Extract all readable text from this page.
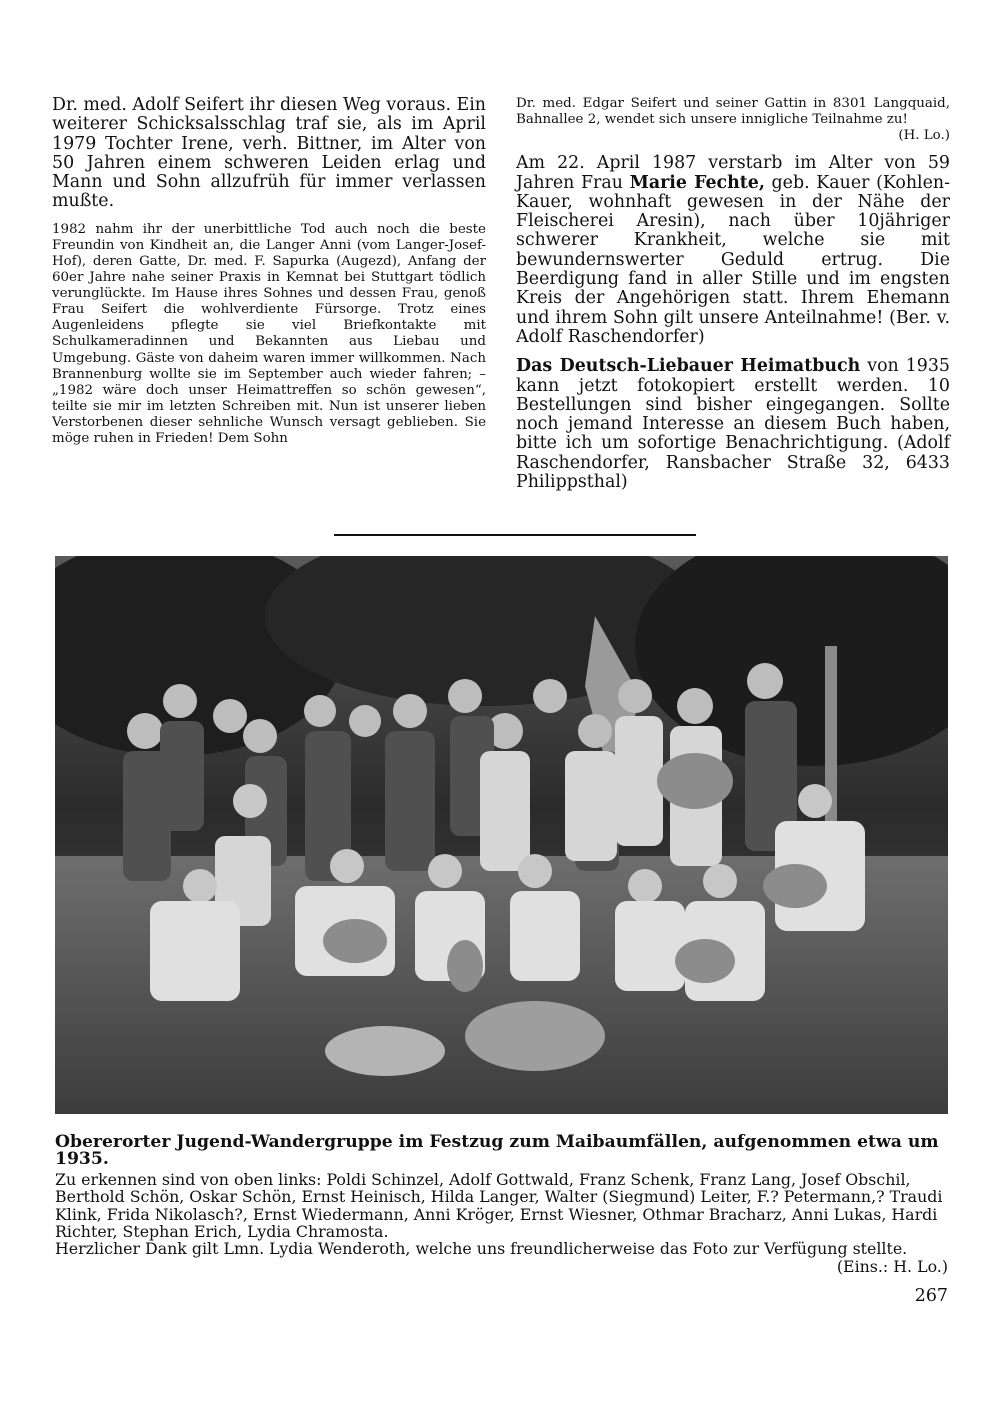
Dr. med. Adolf Seifert ihr diesen Weg voraus. Ein weiterer Schicksalsschlag traf sie, als im April 1979 Tochter Irene, verh. Bittner, im Alter von 50 Jahren einem schweren Leiden erlag und Mann und Sohn allzufrüh für immer verlassen mußte.

1982 nahm ihr der unerbittliche Tod auch noch die beste Freundin von Kindheit an, die Langer Anni (vom Langer-Josef-Hof), deren Gatte, Dr. med. F. Sapurka (Augezd), Anfang der 60er Jahre nahe seiner Praxis in Kemnat bei Stuttgart tödlich verunglückte. Im Hause ihres Sohnes und dessen Frau, genoß Frau Seifert die wohlverdiente Fürsorge. Trotz eines Augenleidens pflegte sie viel Briefkontakte mit Schulkameradinnen und Bekannten aus Liebau und Umgebung. Gäste von daheim waren immer willkommen. Nach Brannenburg wollte sie im September auch wieder fahren; – „1982 wäre doch unser Heimattreffen so schön gewesen“, teilte sie mir im letzten Schreiben mit. Nun ist unserer lieben Verstorbenen dieser sehnliche Wunsch versagt geblieben. Sie möge ruhen in Frieden! Dem Sohn

Dr. med. Edgar Seifert und seiner Gattin in 8301 Langquaid, Bahnallee 2, wendet sich unsere innigliche Teilnahme zu!

(H. Lo.)

Am 22. April 1987 verstarb im Alter von 59 Jahren Frau Marie Fechte, geb. Kauer (Kohlen-Kauer, wohnhaft gewesen in der Nähe der Fleischerei Aresin), nach über 10jähriger schwerer Krankheit, welche sie mit bewundernswerter Geduld ertrug. Die Beerdigung fand in aller Stille und im engsten Kreis der Angehörigen statt. Ihrem Ehemann und ihrem Sohn gilt unsere Anteilnahme! (Ber. v. Adolf Raschendorfer)

Das Deutsch-Liebauer Heimatbuch von 1935 kann jetzt fotokopiert erstellt werden. 10 Bestellungen sind bisher eingegangen. Sollte noch jemand Interesse an diesem Buch haben, bitte ich um sofortige Benachrichtigung. (Adolf Raschendorfer, Ransbacher Straße 32, 6433 Philippsthal)

Obererorter Jugend-Wandergruppe im Festzug zum Maibaumfällen, aufgenommen etwa um 1935.
Zu erkennen sind von oben links: Poldi Schinzel, Adolf Gottwald, Franz Schenk, Franz Lang, Josef Obschil, Berthold Schön, Oskar Schön, Ernst Heinisch, Hilda Langer, Walter (Siegmund) Leiter, F.? Petermann,? Traudi Klink, Frida Nikolasch?, Ernst Wiedermann, Anni Kröger, Ernst Wiesner, Othmar Bracharz, Anni Lukas, Hardi Richter, Stephan Erich, Lydia Chramosta.
Herzlicher Dank gilt Lmn. Lydia Wenderoth, welche uns freundlicherweise das Foto zur Verfügung stellte.
(Eins.: H. Lo.)
267
